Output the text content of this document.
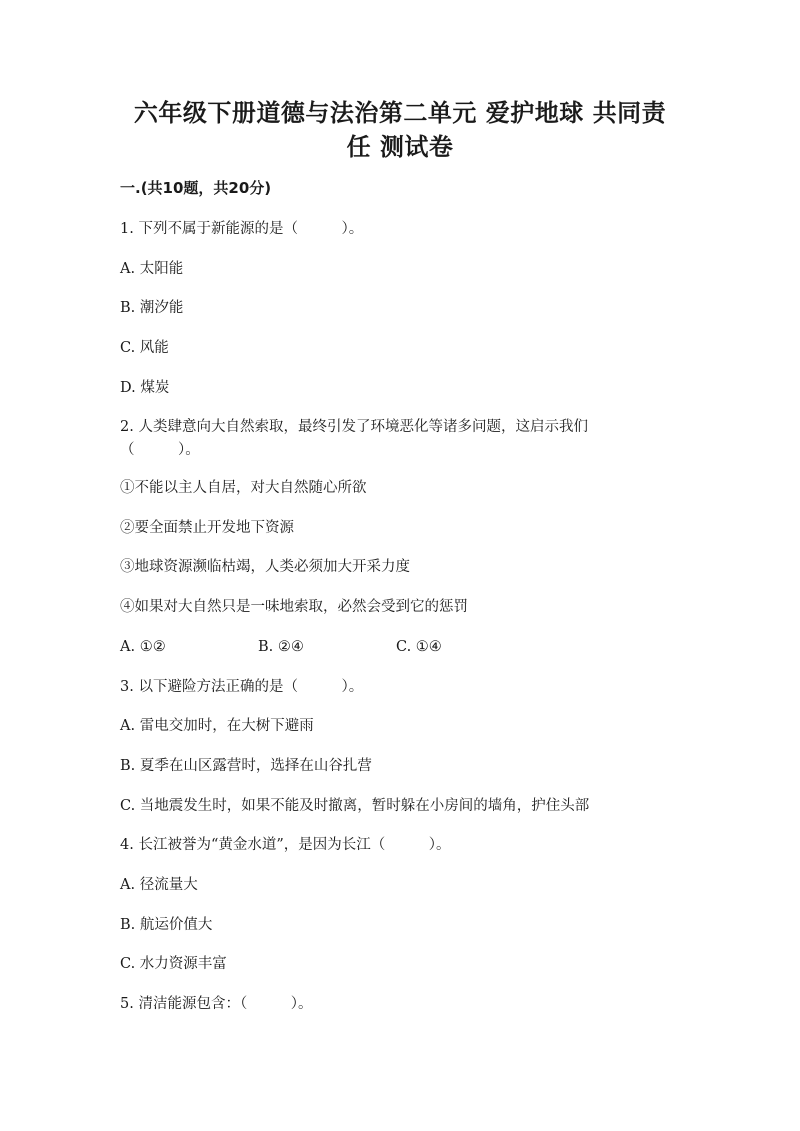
六年级下册道德与法治第二单元 爱护地球 共同责
任 测试卷
一.(共10题，共20分)
1. 下列不属于新能源的是（　　　）。
A. 太阳能
B. 潮汐能
C. 风能
D. 煤炭
2. 人类肆意向大自然索取，最终引发了环境恶化等诸多问题，这启示我们
（　　　）。
①不能以主人自居，对大自然随心所欲
②要全面禁止开发地下资源
③地球资源濒临枯竭，人类必须加大开采力度
④如果对大自然只是一味地索取，必然会受到它的惩罚
A. ①②	B. ②④	C. ①④
3. 以下避险方法正确的是（　　　）。
A. 雷电交加时，在大树下避雨
B. 夏季在山区露营时，选择在山谷扎营
C. 当地震发生时，如果不能及时撤离，暂时躲在小房间的墙角，护住头部
4. 长江被誉为“黄金水道”，是因为长江（　　　）。
A. 径流量大
B. 航运价值大
C. 水力资源丰富
5. 清洁能源包含：（　　　）。
